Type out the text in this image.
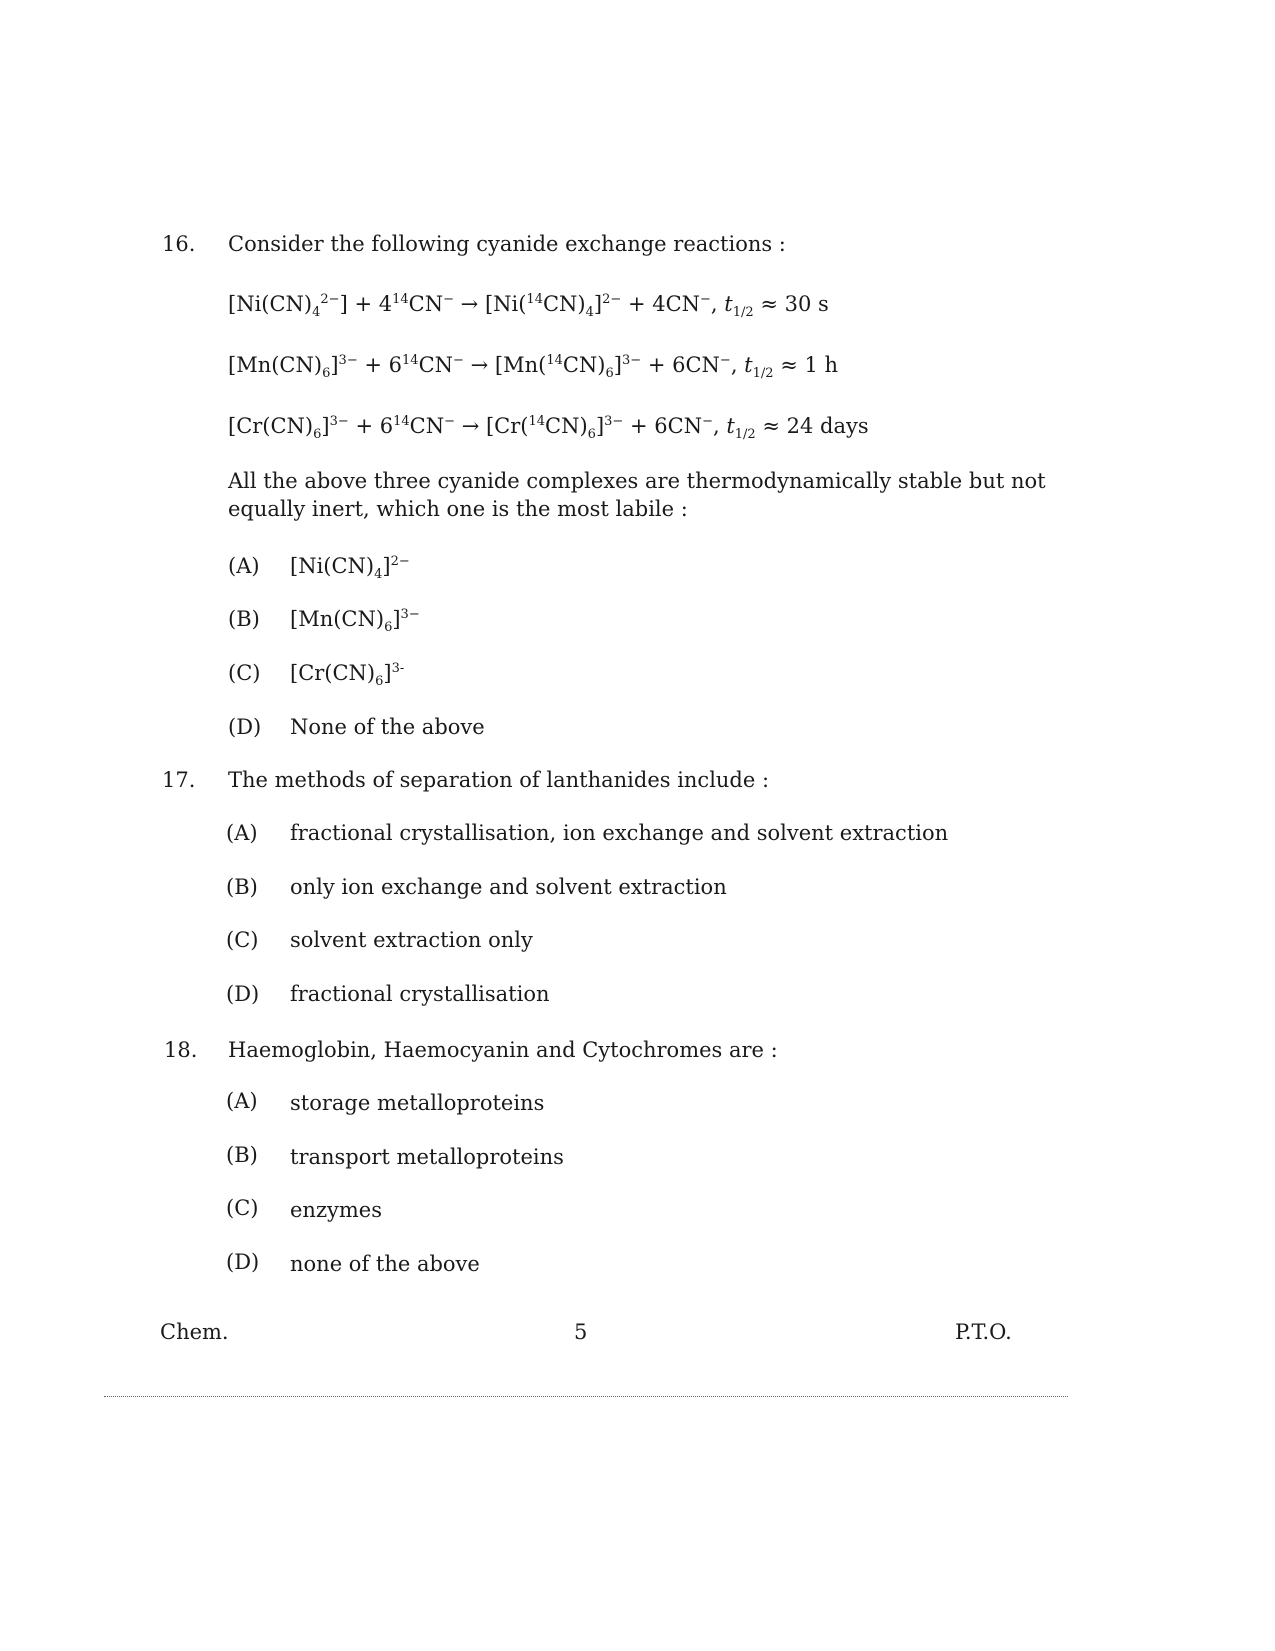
16. Consider the following cyanide exchange reactions :
$[Ni(CN)_4^{2-}] + 4^{14}CN^- \to [Ni(^{14}CN)_4]^{2-} + 4CN^-$, $t_{1/2} \approx 30$ s
$[Mn(CN)_6]^{3-} + 6^{14}CN^- \to [Mn(^{14}CN)_6]^{3-} + 6CN^-$, $t_{1/2} \approx 1$ h
$[Cr(CN)_6]^{3-} + 6^{14}CN^- \to [Cr(^{14}CN)_6]^{3-} + 6CN^-$, $t_{1/2} \approx 24$ days
All the above three cyanide complexes are thermodynamically stable but not
equally inert, which one is the most labile :
(A) $[Ni(CN)_4]^{2-}$
(B) $[Mn(CN)_6]^{3-}$
(C) $[Cr(CN)_6]^{3-}$
(D) None of the above
17. The methods of separation of lanthanides include :
(A) fractional crystallisation, ion exchange and solvent extraction
(B) only ion exchange and solvent extraction
(C) solvent extraction only
(D) fractional crystallisation
18. Haemoglobin, Haemocyanin and Cytochromes are :
(A) storage metalloproteins
(B) transport metalloproteins
(C) enzymes
(D) none of the above
Chem.	5	P.T.O.
